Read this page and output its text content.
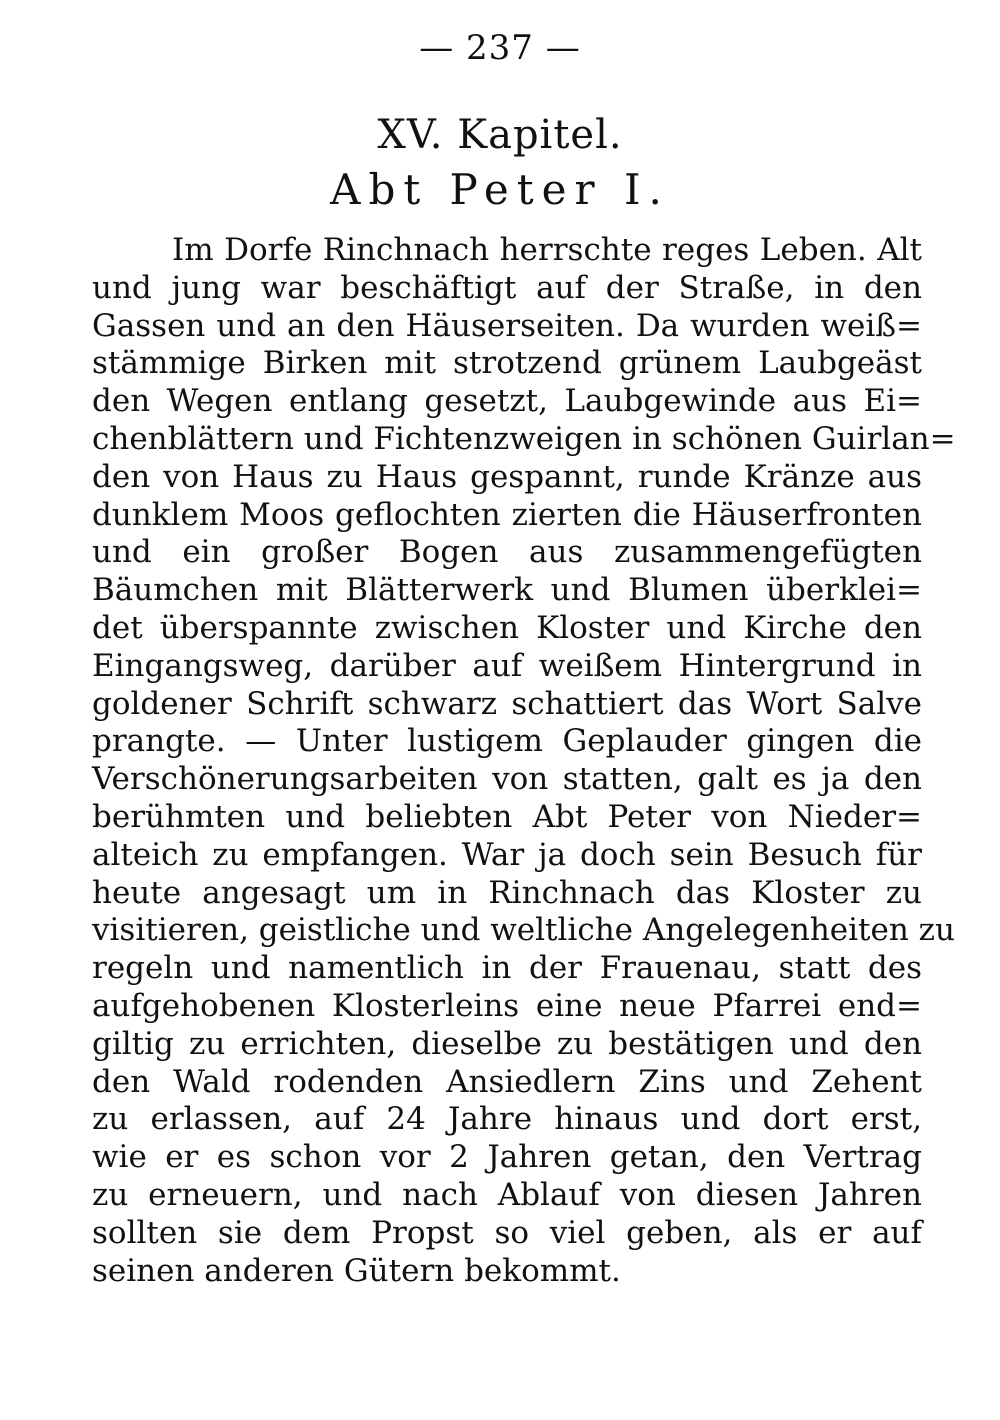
— 237 —
XV. Kapitel.
Abt Peter I.
Im Dorfe Rinchnach herrschte reges Leben. Alt
und jung war beschäftigt auf der Straße, in den
Gassen und an den Häuserseiten. Da wurden weiß=
stämmige Birken mit strotzend grünem Laubgeäst
den Wegen entlang gesetzt, Laubgewinde aus Ei=
chenblättern und Fichtenzweigen in schönen Guirlan=
den von Haus zu Haus gespannt, runde Kränze aus
dunklem Moos geflochten zierten die Häuserfronten
und ein großer Bogen aus zusammengefügten
Bäumchen mit Blätterwerk und Blumen überklei=
det überspannte zwischen Kloster und Kirche den
Eingangsweg, darüber auf weißem Hintergrund in
goldener Schrift schwarz schattiert das Wort Salve
prangte. — Unter lustigem Geplauder gingen die
Verschönerungsarbeiten von statten, galt es ja den
berühmten und beliebten Abt Peter von Nieder=
alteich zu empfangen. War ja doch sein Besuch für
heute angesagt um in Rinchnach das Kloster zu
visitieren, geistliche und weltliche Angelegenheiten zu
regeln und namentlich in der Frauenau, statt des
aufgehobenen Klosterleins eine neue Pfarrei end=
giltig zu errichten, dieselbe zu bestätigen und den
den Wald rodenden Ansiedlern Zins und Zehent
zu erlassen, auf 24 Jahre hinaus und dort erst,
wie er es schon vor 2 Jahren getan, den Vertrag
zu erneuern, und nach Ablauf von diesen Jahren
sollten sie dem Propst so viel geben, als er auf
seinen anderen Gütern bekommt.
